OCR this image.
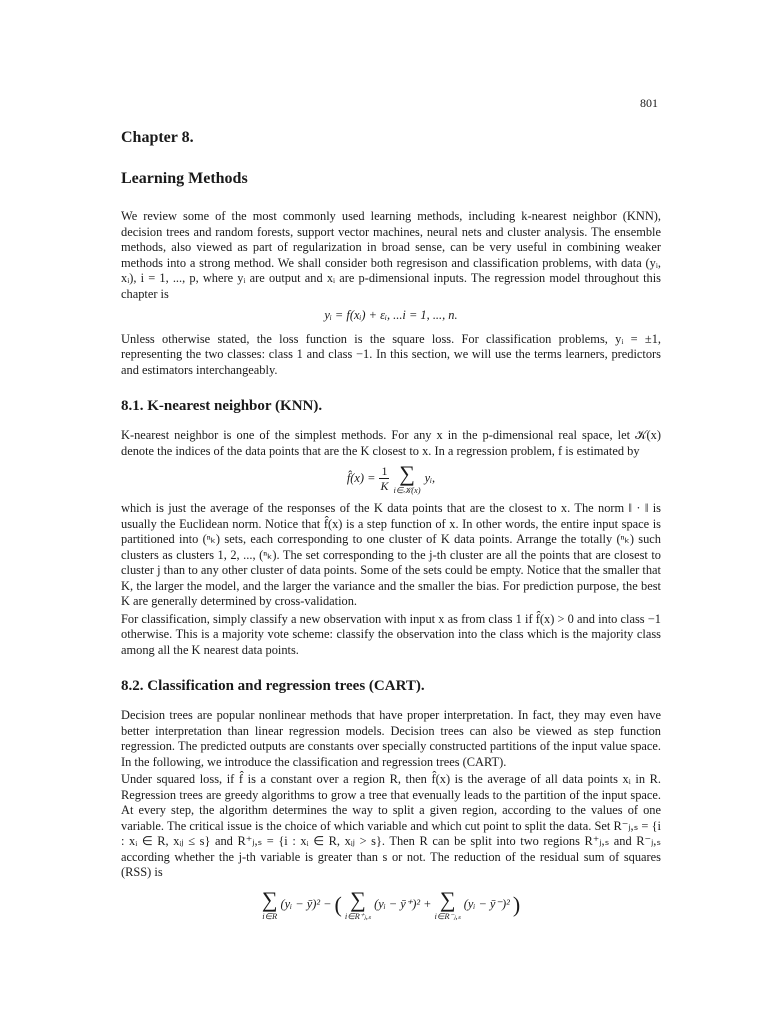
801
Chapter 8.
Learning Methods

We review some of the most commonly used learning methods, including k-nearest neighbor (KNN), decision trees and random forests, support vector machines, neural nets and cluster analysis. The ensemble methods, also viewed as part of regularization in broad sense, can be very useful in combining weaker methods into a strong method. We shall consider both regresison and classification problems, with data (yᵢ, xᵢ), i = 1, ..., p, where yᵢ are output and xᵢ are p-dimensional inputs. The regression model throughout this chapter is

yᵢ = f(xᵢ) + εᵢ, ...i = 1, ..., n.

Unless otherwise stated, the loss function is the square loss. For classification problems, yᵢ = ±1, representing the two classes: class 1 and class −1. In this section, we will use the terms learners, predictors and estimators interchangeably.

8.1. K-nearest neighbor (KNN).

K-nearest neighbor is one of the simplest methods. For any x in the p-dimensional real space, let 𝒦(x) denote the indices of the data points that are the K closest to x. In a regression problem, f is estimated by

f̂(x) = $\frac{1}{K}$ ∑
i∈𝒦(x)
yᵢ,

which is just the average of the responses of the K data points that are the closest to x. The norm ‖ · ‖ is usually the Euclidean norm. Notice that f̂(x) is a step function of x. In other words, the entire input space is partitioned into (ⁿₖ) sets, each corresponding to one cluster of K data points. Arrange the totally (ⁿₖ) such clusters as clusters 1, 2, ..., (ⁿₖ). The set corresponding to the j-th cluster are all the points that are closest to cluster j than to any other cluster of data points. Some of the sets could be empty. Notice that the smaller that K, the larger the model, and the larger the variance and the smaller the bias. For prediction purpose, the best K are generally determined by cross-validation.

For classification, simply classify a new observation with input x as from class 1 if f̂(x) > 0 and into class −1 otherwise. This is a majority vote scheme: classify the observation into the class which is the majority class among all the K nearest data points.

8.2. Classification and regression trees (CART).

Decision trees are popular nonlinear methods that have proper interpretation. In fact, they may even have better interpretation than linear regression models. Decision trees can also be viewed as step function regression. The predicted outputs are constants over specially constructed partitions of the input value space. In the following, we introduce the classification and regression trees (CART).

Under squared loss, if f̂ is a constant over a region R, then f̂(x) is the average of all data points xᵢ in R. Regression trees are greedy algorithms to grow a tree that evenually leads to the partition of the input space. At every step, the algorithm determines the way to split a given region, according to the values of one variable. The critical issue is the choice of which variable and which cut point to split the data. Set R⁻ⱼ,ₛ = {i : xᵢ ∈ R, xᵢⱼ ≤ s} and R⁺ⱼ,ₛ = {i : xᵢ ∈ R, xᵢⱼ > s}. Then R can be split into two regions R⁺ⱼ,ₛ and R⁻ⱼ,ₛ according whether the j-th variable is greater than s or not. The reduction of the residual sum of squares (RSS) is

∑
i∈R
(yᵢ − ȳ)² − ( ∑
i∈R⁺ⱼ,ₛ
(yᵢ − ȳ⁺)² + ∑
i∈R⁻ⱼ,ₛ
(yᵢ − ȳ⁻)² )
